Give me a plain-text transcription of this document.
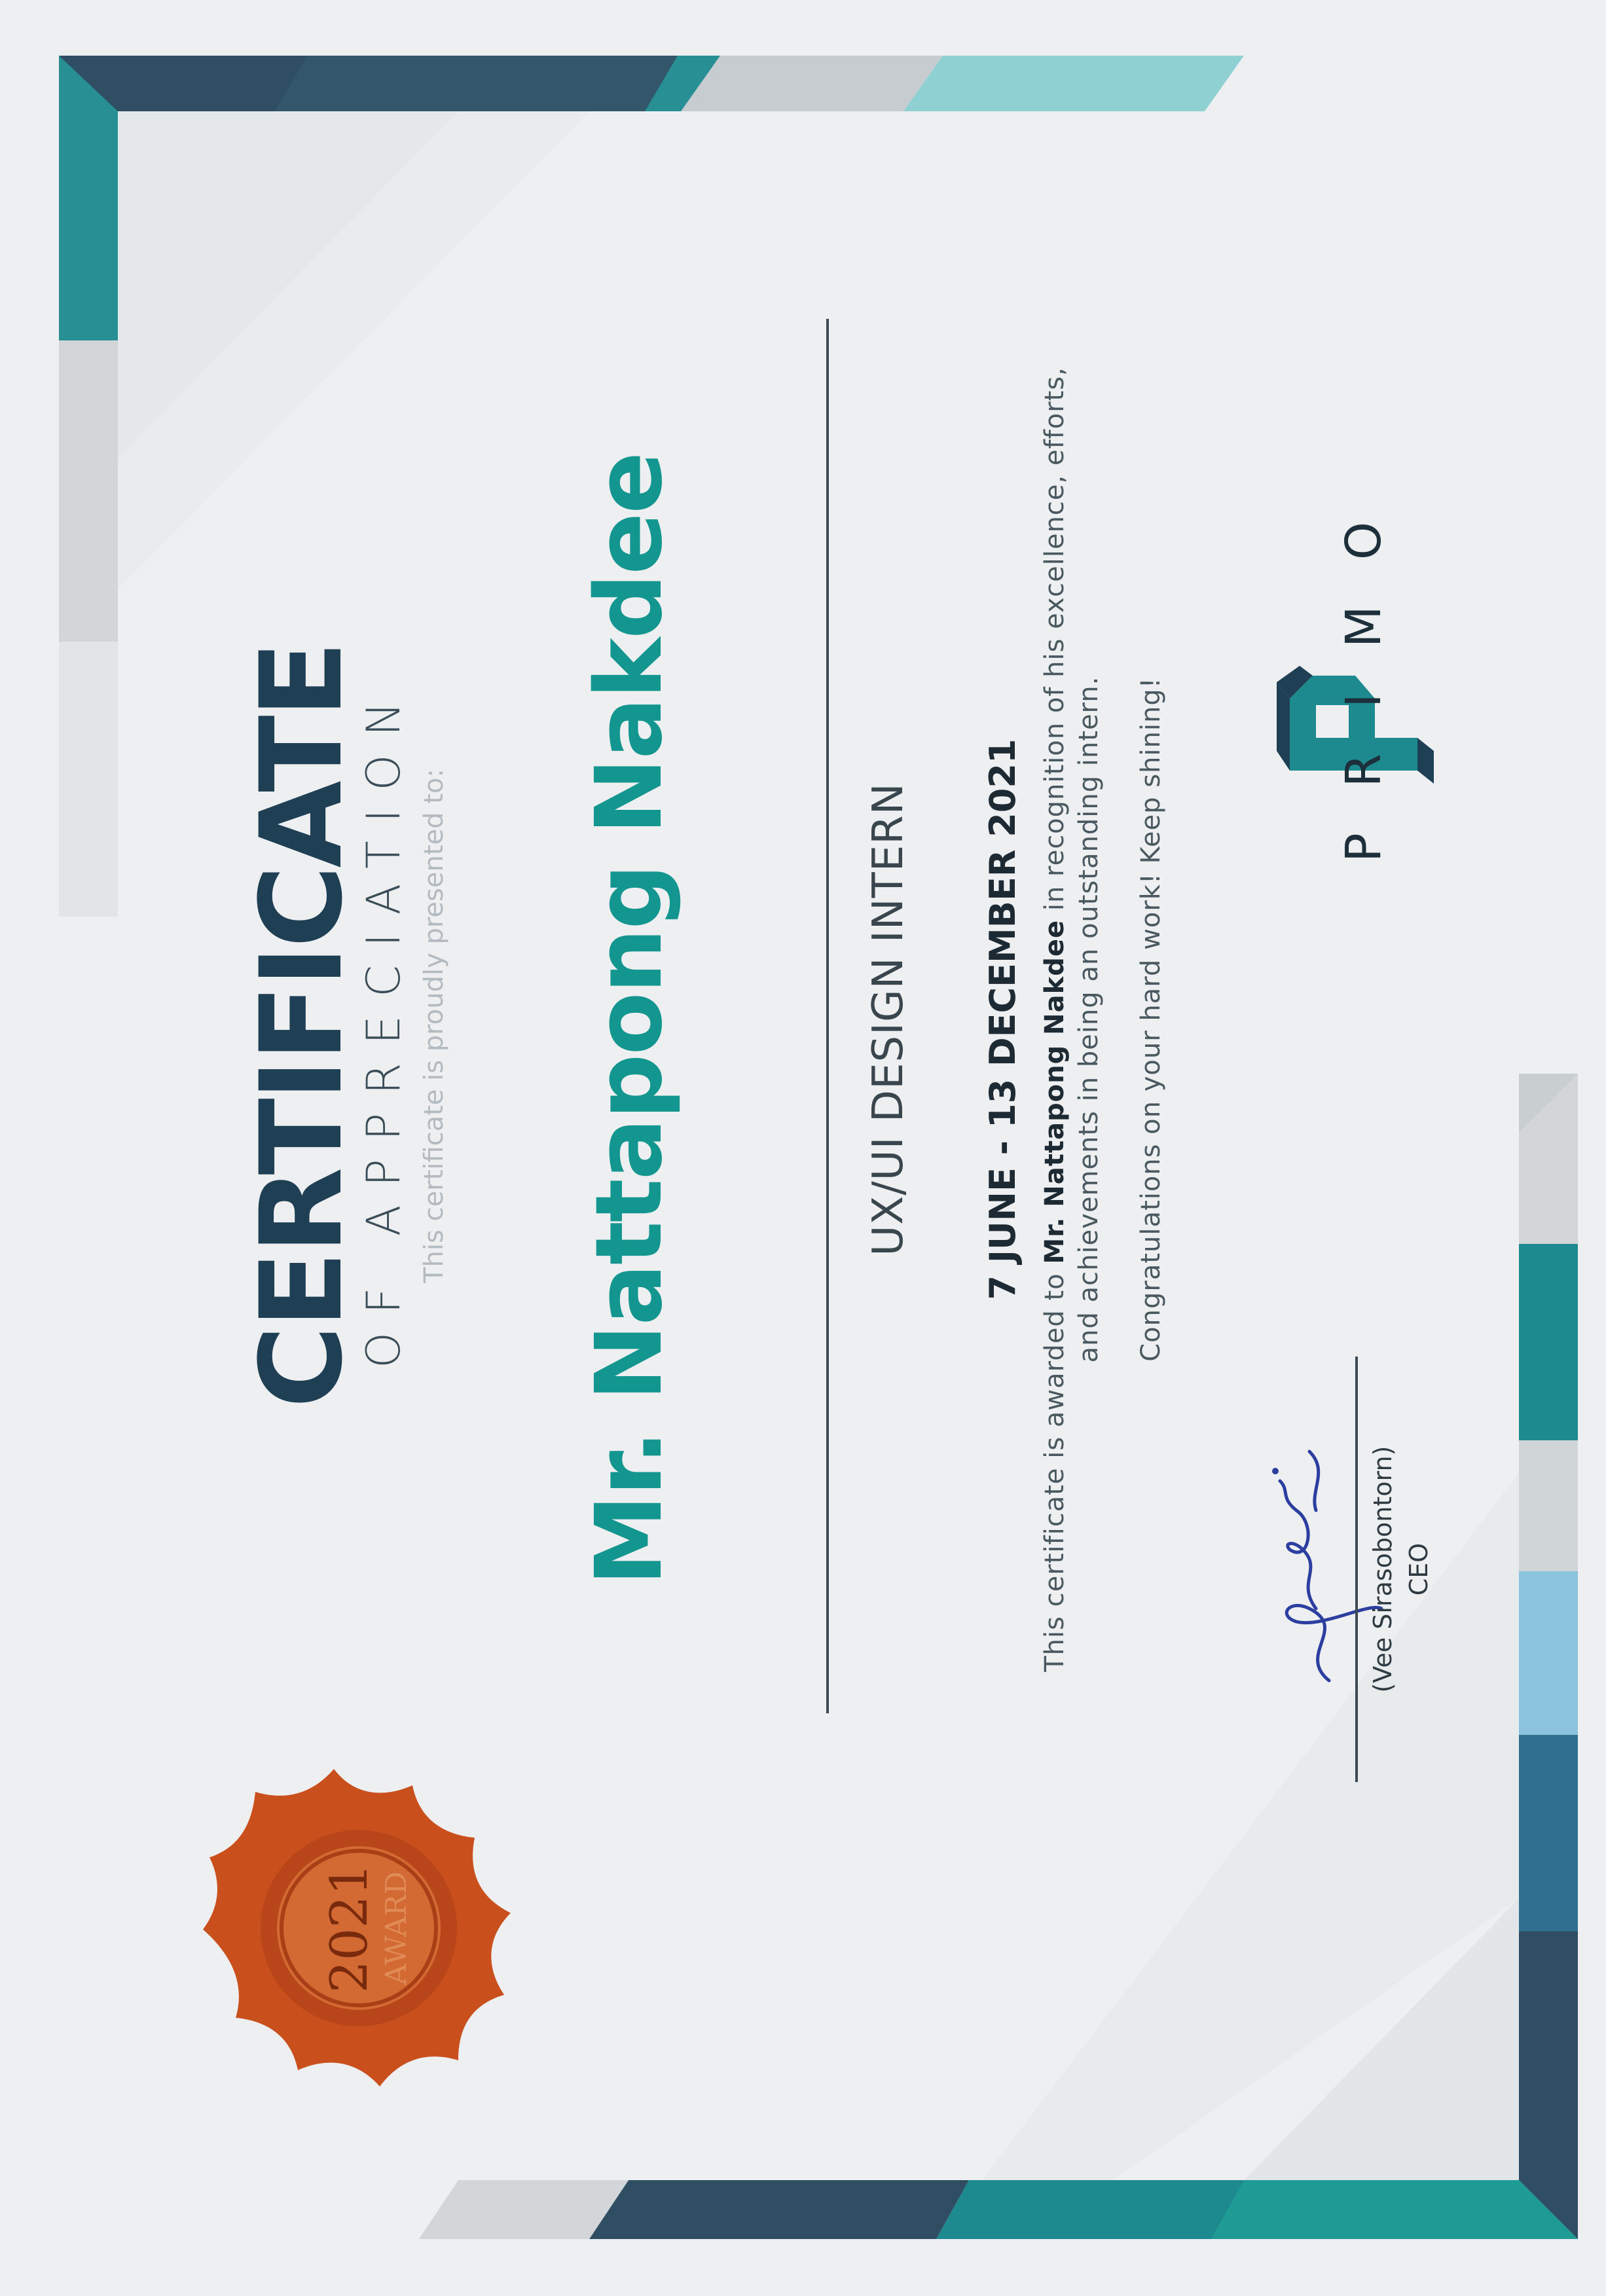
2021 AWARD
CERTIFICATE
OF APPRECIATION This certificate is proudly presented to: Mr. Nattapong Nakdee	UX/UI DESIGN INTERN 7 JUNE - 13 DECEMBER 2021
This certificate is awarded to Mr. Nattapong Nakdee in recognition of his excellence, efforts,
and achievements in being an outstanding intern. Congratulations on your hard work! Keep shining!
(Vee Sirasobontorn) CEO
PRIMO
